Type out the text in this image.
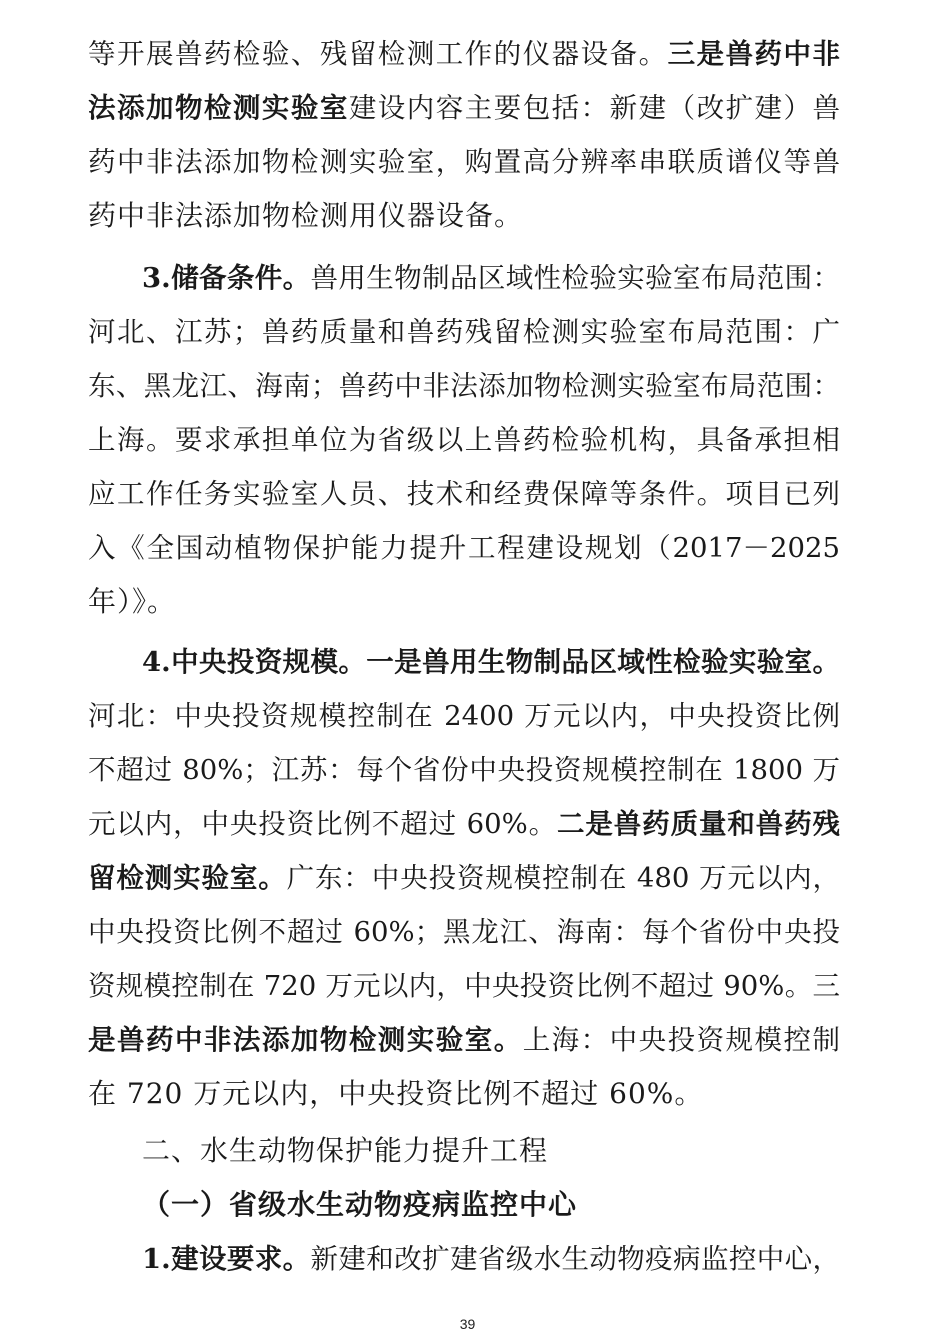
等开展兽药检验、残留检测工作的仪器设备。三是兽药中非
法添加物检测实验室建设内容主要包括：新建（改扩建）兽
药中非法添加物检测实验室，购置高分辨率串联质谱仪等兽
药中非法添加物检测用仪器设备。
3.储备条件。兽用生物制品区域性检验实验室布局范围：
河北、江苏；兽药质量和兽药残留检测实验室布局范围：广
东、黑龙江、海南；兽药中非法添加物检测实验室布局范围：
上海。要求承担单位为省级以上兽药检验机构，具备承担相
应工作任务实验室人员、技术和经费保障等条件。项目已列
入《全国动植物保护能力提升工程建设规划（2017－2025
年）》。
4.中央投资规模。一是兽用生物制品区域性检验实验室。
河北：中央投资规模控制在 2400 万元以内，中央投资比例
不超过 80%；江苏：每个省份中央投资规模控制在 1800 万
元以内，中央投资比例不超过 60%。二是兽药质量和兽药残
留检测实验室。广东：中央投资规模控制在 480 万元以内，
中央投资比例不超过 60%；黑龙江、海南：每个省份中央投
资规模控制在 720 万元以内，中央投资比例不超过 90%。三
是兽药中非法添加物检测实验室。上海：中央投资规模控制
在 720 万元以内，中央投资比例不超过 60%。
二、水生动物保护能力提升工程
（一）省级水生动物疫病监控中心
1.建设要求。新建和改扩建省级水生动物疫病监控中心，
39
